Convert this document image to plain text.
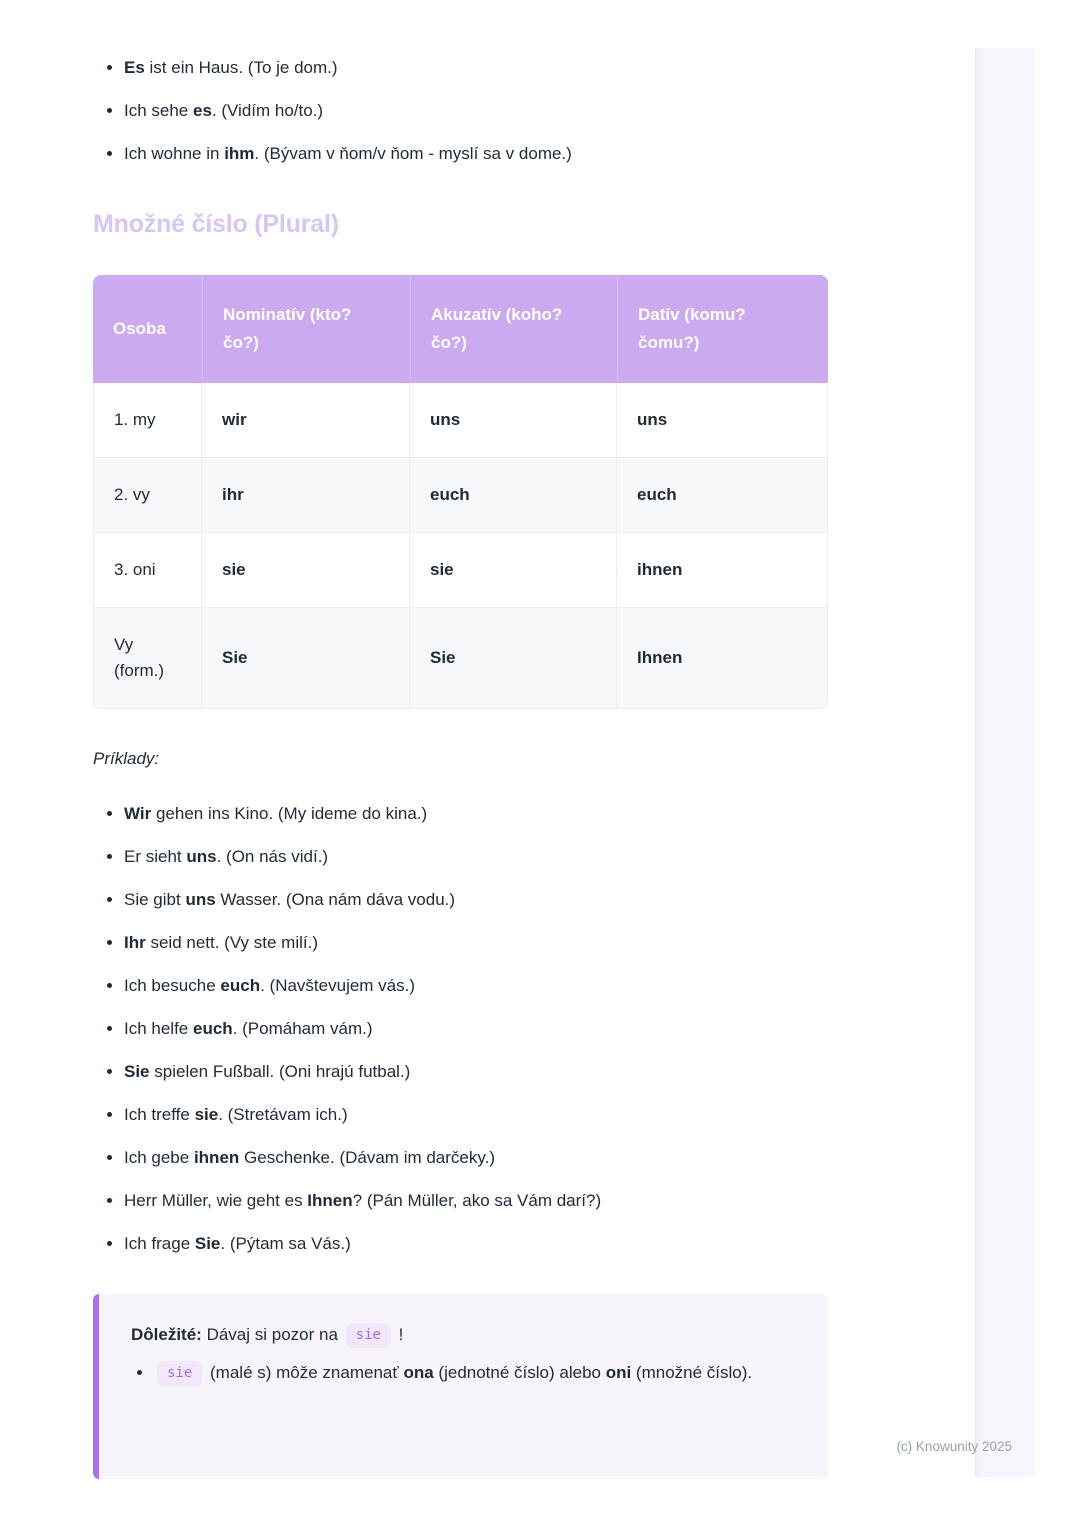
• Es ist ein Haus. (To je dom.)
• Ich sehe es. (Vidím ho/to.)
• Ich wohne in ihm. (Bývam v ňom/v ňom - myslí sa v dome.)
Množné číslo (Plural)
Osoba	Nominatív (kto? čo?)	Akuzatív (koho? čo?)	Datív (komu? čomu?)
1. my	wir	uns	uns
2. vy	ihr	euch	euch
3. oni	sie	sie	ihnen
Vy (form.)	Sie	Sie	Ihnen

Príklady:

• Wir gehen ins Kino. (My ideme do kina.)
• Er sieht uns. (On nás vidí.)
• Sie gibt uns Wasser. (Ona nám dáva vodu.)
• Ihr seid nett. (Vy ste milí.)
• Ich besuche euch. (Navštevujem vás.)
• Ich helfe euch. (Pomáham vám.)
• Sie spielen Fußball. (Oni hrajú futbal.)
• Ich treffe sie. (Stretávam ich.)
• Ich gebe ihnen Geschenke. (Dávam im darčeky.)
• Herr Müller, wie geht es Ihnen? (Pán Müller, ako sa Vám darí?)
• Ich frage Sie. (Pýtam sa Vás.)

Dôležité: Dávaj si pozor na sie !

• sie (malé s) môže znamenať ona (jednotné číslo) alebo oni (množné číslo).
(c) Knowunity 2025
